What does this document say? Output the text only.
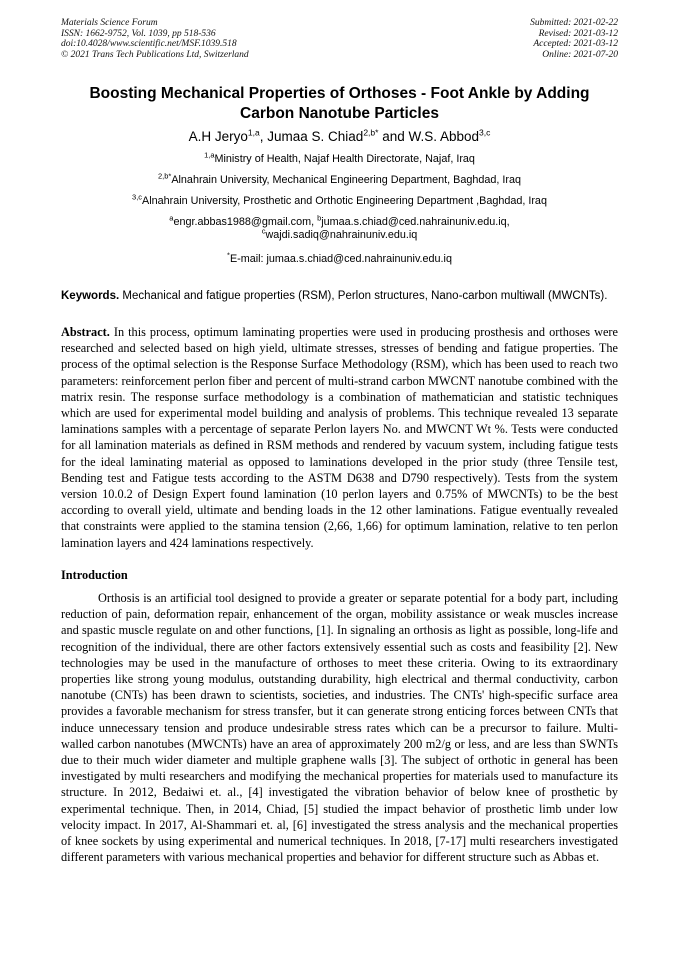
Materials Science Forum
ISSN: 1662-9752, Vol. 1039, pp 518-536
doi:10.4028/www.scientific.net/MSF.1039.518
© 2021 Trans Tech Publications Ltd, Switzerland
Submitted: 2021-02-22
Revised: 2021-03-12
Accepted: 2021-03-12
Online: 2021-07-20
Boosting Mechanical Properties of Orthoses - Foot Ankle by Adding Carbon Nanotube Particles
A.H Jeryo$^{1,a}$, Jumaa S. Chiad$^{2,b*}$ and W.S. Abbod$^{3,c}$
$^{1,a}$Ministry of Health, Najaf Health Directorate, Najaf, Iraq
$^{2,b*}$Alnahrain University, Mechanical Engineering Department, Baghdad, Iraq
$^{3,c}$Alnahrain University, Prosthetic and Orthotic Engineering Department ,Baghdad, Iraq
$^a$engr.abbas1988@gmail.com, $^b$jumaa.s.chiad@ced.nahrainuniv.edu.iq,
$^c$wajdi.sadiq@nahrainuniv.edu.iq
*E-mail: jumaa.s.chiad@ced.nahrainuniv.edu.iq

Keywords. Mechanical and fatigue properties (RSM), Perlon structures, Nano-carbon multiwall (MWCNTs).

Abstract. In this process, optimum laminating properties were used in producing prosthesis and orthoses were researched and selected based on high yield, ultimate stresses, stresses of bending and fatigue properties. The process of the optimal selection is the Response Surface Methodology (RSM), which has been used to reach two parameters: reinforcement perlon fiber and percent of multi-strand carbon MWCNT nanotube combined with the matrix resin. The response surface methodology is a combination of mathematician and statistic techniques which are used for experimental model building and analysis of problems. This technique revealed 13 separate laminations samples with a percentage of separate Perlon layers No. and MWCNT Wt %. Tests were conducted for all lamination materials as defined in RSM methods and rendered by vacuum system, including fatigue tests for the ideal laminating material as opposed to laminations developed in the prior study (three Tensile test, Bending test and Fatigue tests according to the ASTM D638 and D790 respectively). Tests from the system version 10.0.2 of Design Expert found lamination (10 perlon layers and 0.75% of MWCNTs) to be the best according to overall yield, ultimate and bending loads in the 12 other laminations. Fatigue eventually revealed that constraints were applied to the stamina tension (2,66, 1,66) for optimum lamination, relative to ten perlon lamination layers and 424 laminations respectively.

Introduction

Orthosis is an artificial tool designed to provide a greater or separate potential for a body part, including reduction of pain, deformation repair, enhancement of the organ, mobility assistance or weak muscles increase and spastic muscle regulate on and other functions, [1]. In signaling an orthosis as light as possible, long-life and recognition of the individual, there are other factors extensively essential such as costs and feasibility [2]. New technologies may be used in the manufacture of orthoses to meet these criteria. Owing to its extraordinary properties like strong young modulus, outstanding durability, high electrical and thermal conductivity, carbon nanotube (CNTs) has been drawn to scientists, societies, and industries. The CNTs' high-specific surface area provides a favorable mechanism for stress transfer, but it can generate strong enticing forces between CNTs that induce unnecessary tension and produce undesirable stress rates which can be a precursor to failure. Multi-walled carbon nanotubes (MWCNTs) have an area of approximately 200 m2/g or less, and are less than SWNTs due to their much wider diameter and multiple graphene walls [3]. The subject of orthotic in general has been investigated by multi researchers and modifying the mechanical properties for materials used to manufacture its structure. In 2012, Bedaiwi et. al., [4] investigated the vibration behavior of below knee of prosthetic by experimental technique. Then, in 2014, Chiad, [5] studied the impact behavior of prosthetic limb under low velocity impact. In 2017, Al-Shammari et. al, [6] investigated the stress analysis and the mechanical properties of knee sockets by using experimental and numerical techniques. In 2018, [7-17] multi researchers investigated different parameters with various mechanical properties and behavior for different structure such as Abbas et.
